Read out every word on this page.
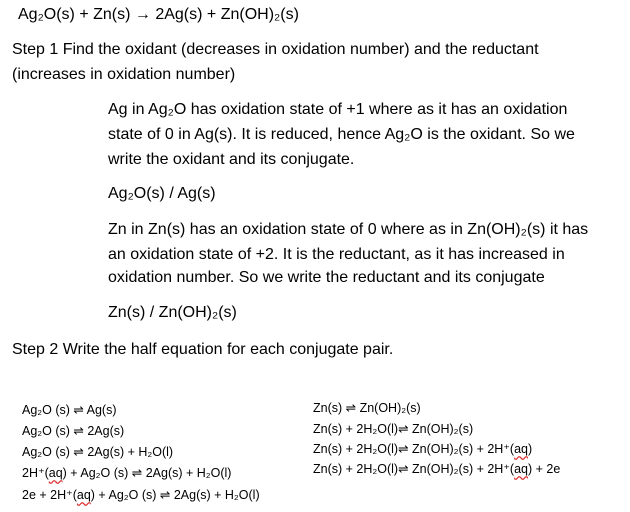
Ag₂O(s) + Zn(s) → 2Ag(s) + Zn(OH)₂(s)
Step 1 Find the oxidant (decreases in oxidation number) and the reductant
(increases in oxidation number)
Ag in Ag₂O has oxidation state of +1 where as it has an oxidation
state of 0 in Ag(s). It is reduced, hence Ag₂O is the oxidant. So we
write the oxidant and its conjugate.
Ag₂O(s) / Ag(s)
Zn in Zn(s) has an oxidation state of 0 where as in Zn(OH)₂(s) it has
an oxidation state of +2. It is the reductant, as it has increased in
oxidation number. So we write the reductant and its conjugate
Zn(s) / Zn(OH)₂(s)
Step 2 Write the half equation for each conjugate pair.
Ag₂O (s) ⇌ Ag(s)
Ag₂O (s) ⇌ 2Ag(s)
Ag₂O (s) ⇌ 2Ag(s) + H₂O(l)
2H⁺(aq) + Ag₂O (s) ⇌ 2Ag(s) + H₂O(l)
2e + 2H⁺(aq) + Ag₂O (s) ⇌ 2Ag(s) + H₂O(l)
Zn(s) ⇌ Zn(OH)₂(s)
Zn(s) + 2H₂O(l)⇌ Zn(OH)₂(s)
Zn(s) + 2H₂O(l)⇌ Zn(OH)₂(s) + 2H⁺(aq)
Zn(s) + 2H₂O(l)⇌ Zn(OH)₂(s) + 2H⁺(aq) + 2e
